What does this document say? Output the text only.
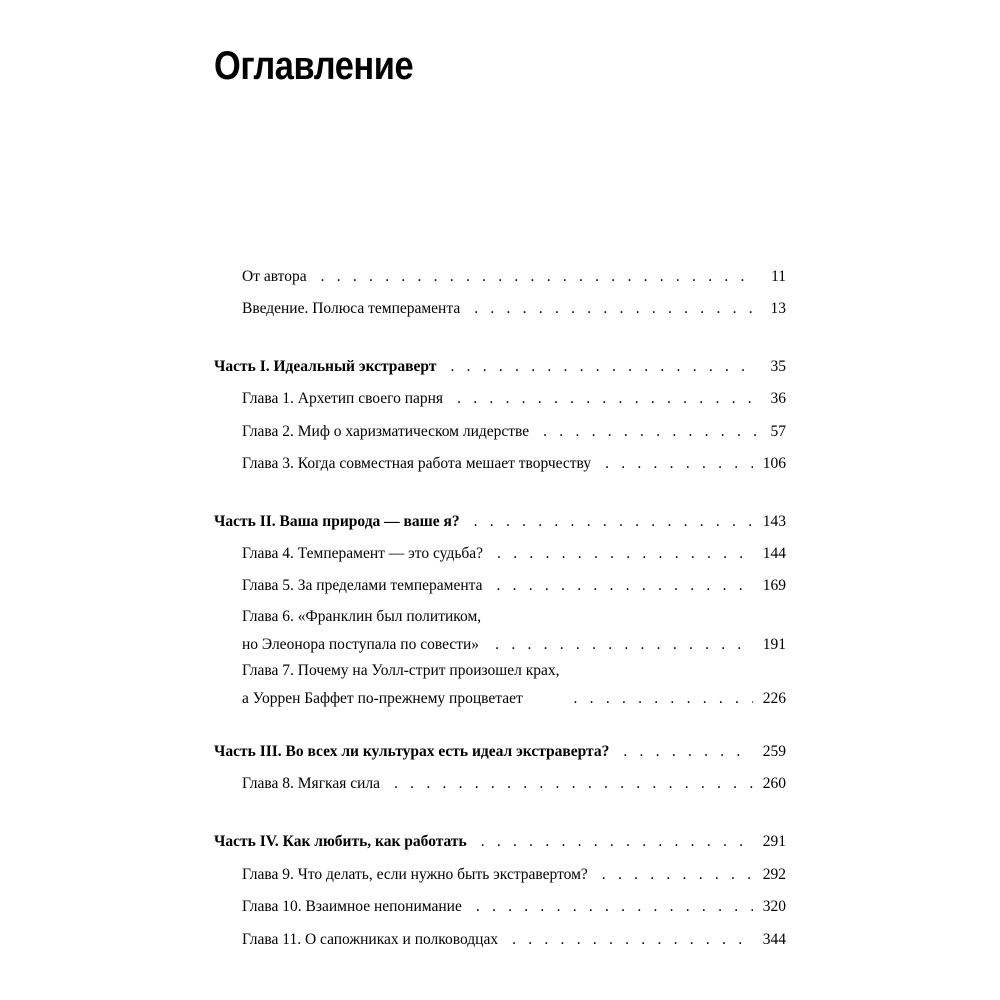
Оглавление
От автора . . .	11
Введение. Полюса темперамента . . .	13
Часть I. Идеальный экстраверт . . .	35
Глава 1. Архетип своего парня . . .	36
Глава 2. Миф о харизматическом лидерстве . . .	57
Глава 3. Когда совместная работа мешает творчеству . . .	106
Часть II. Ваша природа — ваше я? . . .	143
Глава 4. Темперамент — это судьба? . . .	144
Глава 5. За пределами темперамента . . .	169
Глава 6. «Франклин был политиком,
но Элеонора поступала по совести» . . .	191
Глава 7. Почему на Уолл-стрит произошел крах,
а Уоррен Баффет по-прежнему процветает . . .	226
Часть III. Во всех ли культурах есть идеал экстраверта? . . .	259
Глава 8. Мягкая сила . . .	260
Часть IV. Как любить, как работать . . .	291
Глава 9. Что делать, если нужно быть экстравертом? . . .	292
Глава 10. Взаимное непонимание . . .	320
Глава 11. О сапожниках и полководцах . . .	344
